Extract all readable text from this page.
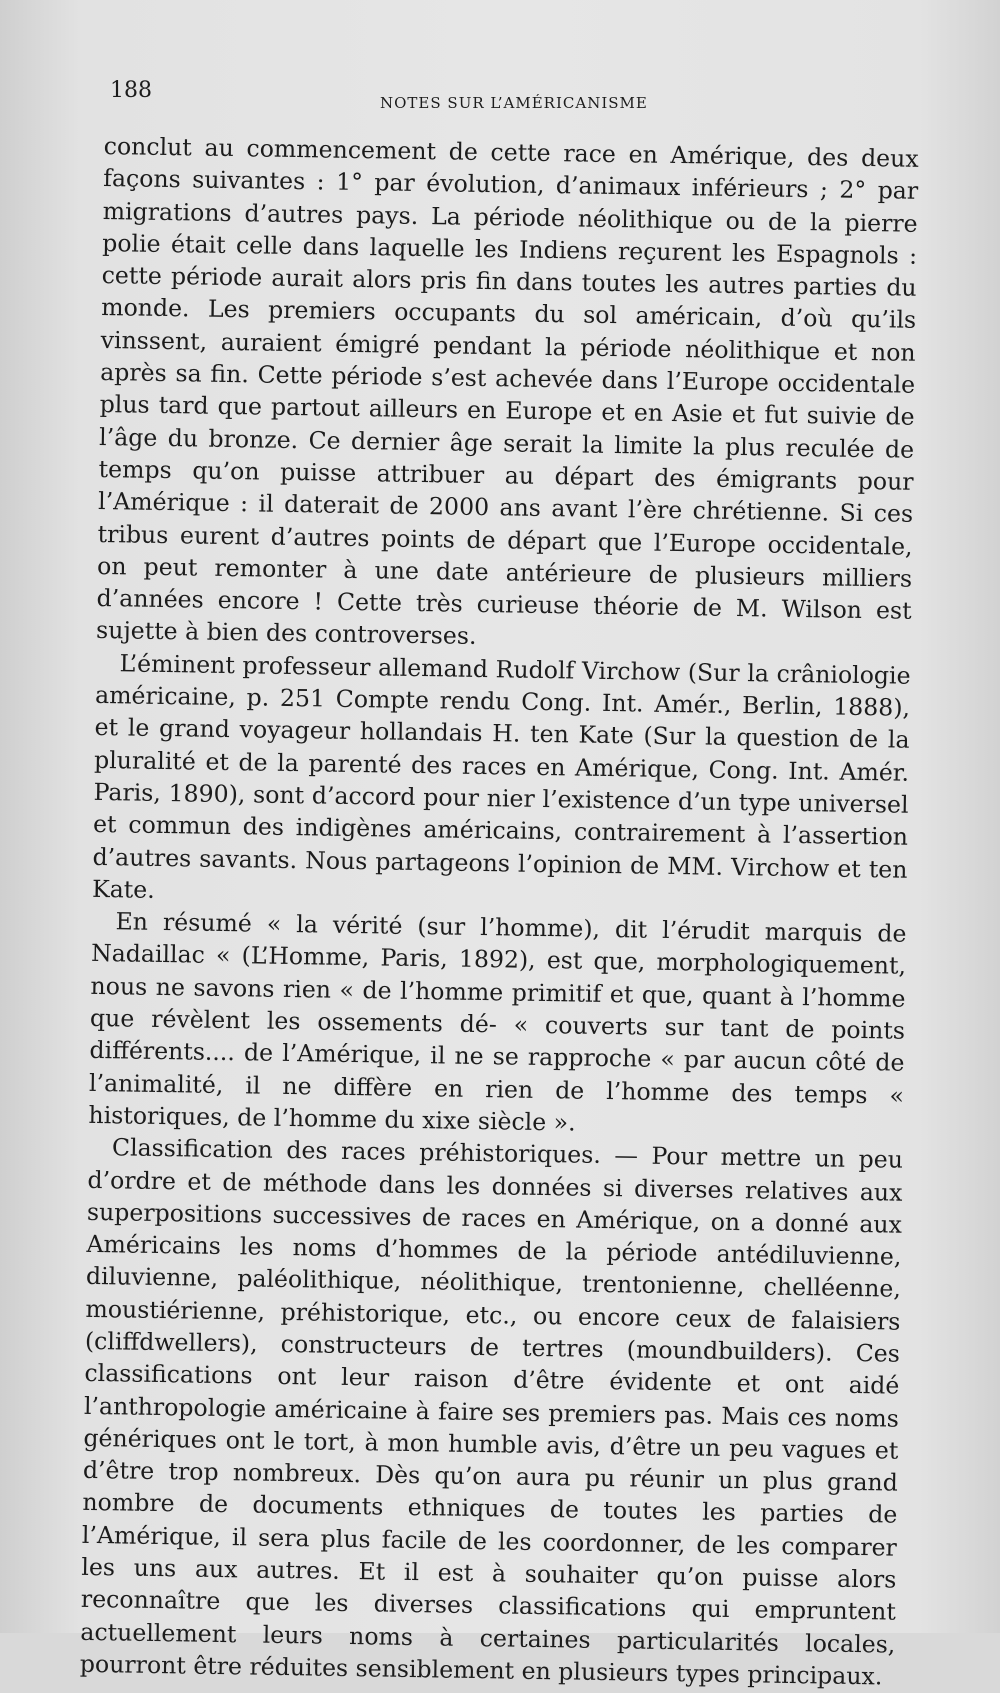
188	NOTES SUR L’AMÉRICANISME

conclut au commencement de cette race en Amérique, des deux façons suivantes : 1° par évolution, d’animaux inférieurs ; 2° par migrations d’autres pays. La période néolithique ou de la pierre polie était celle dans laquelle les Indiens reçurent les Espagnols : cette période aurait alors pris fin dans toutes les autres parties du monde. Les premiers occupants du sol américain, d’où qu’ils vinssent, auraient émigré pendant la période néolithique et non après sa fin. Cette période s’est achevée dans l’Europe occidentale plus tard que partout ailleurs en Europe et en Asie et fut suivie de l’âge du bronze. Ce dernier âge serait la limite la plus reculée de temps qu’on puisse attribuer au départ des émigrants pour l’Amérique : il daterait de 2000 ans avant l’ère chrétienne. Si ces tribus eurent d’autres points de départ que l’Europe occidentale, on peut remonter à une date antérieure de plusieurs milliers d’années encore ! Cette très curieuse théorie de M. Wilson est sujette à bien des controverses.

L’éminent professeur allemand Rudolf Virchow (Sur la crâniologie américaine, p. 251 Compte rendu Cong. Int. Amér., Berlin, 1888), et le grand voyageur hollandais H. ten Kate (Sur la question de la pluralité et de la parenté des races en Amérique, Cong. Int. Amér. Paris, 1890), sont d’accord pour nier l’existence d’un type universel et commun des indigènes américains, contrairement à l’assertion d’autres savants. Nous partageons l’opinion de MM. Virchow et ten Kate.

En résumé « la vérité (sur l’homme), dit l’érudit marquis de Nadaillac « (L’Homme, Paris, 1892), est que, morphologiquement, nous ne savons rien « de l’homme primitif et que, quant à l’homme que révèlent les ossements dé- « couverts sur tant de points différents.... de l’Amérique, il ne se rapproche « par aucun côté de l’animalité, il ne diffère en rien de l’homme des temps « historiques, de l’homme du xixe siècle ».

Classification des races préhistoriques. — Pour mettre un peu d’ordre et de méthode dans les données si diverses relatives aux superpositions successives de races en Amérique, on a donné aux Américains les noms d’hommes de la période antédiluvienne, diluvienne, paléolithique, néolithique, trentonienne, chelléenne, moustiérienne, préhistorique, etc., ou encore ceux de falaisiers (cliffdwellers), constructeurs de tertres (moundbuilders). Ces classifications ont leur raison d’être évidente et ont aidé l’anthropologie américaine à faire ses premiers pas. Mais ces noms génériques ont le tort, à mon humble avis, d’être un peu vagues et d’être trop nombreux. Dès qu’on aura pu réunir un plus grand nombre de documents ethniques de toutes les parties de l’Amérique, il sera plus facile de les coordonner, de les comparer les uns aux autres. Et il est à souhaiter qu’on puisse alors reconnaître que les diverses classifications qui empruntent actuellement leurs noms à certaines particularités locales, pourront être réduites sensiblement en plusieurs types principaux.
